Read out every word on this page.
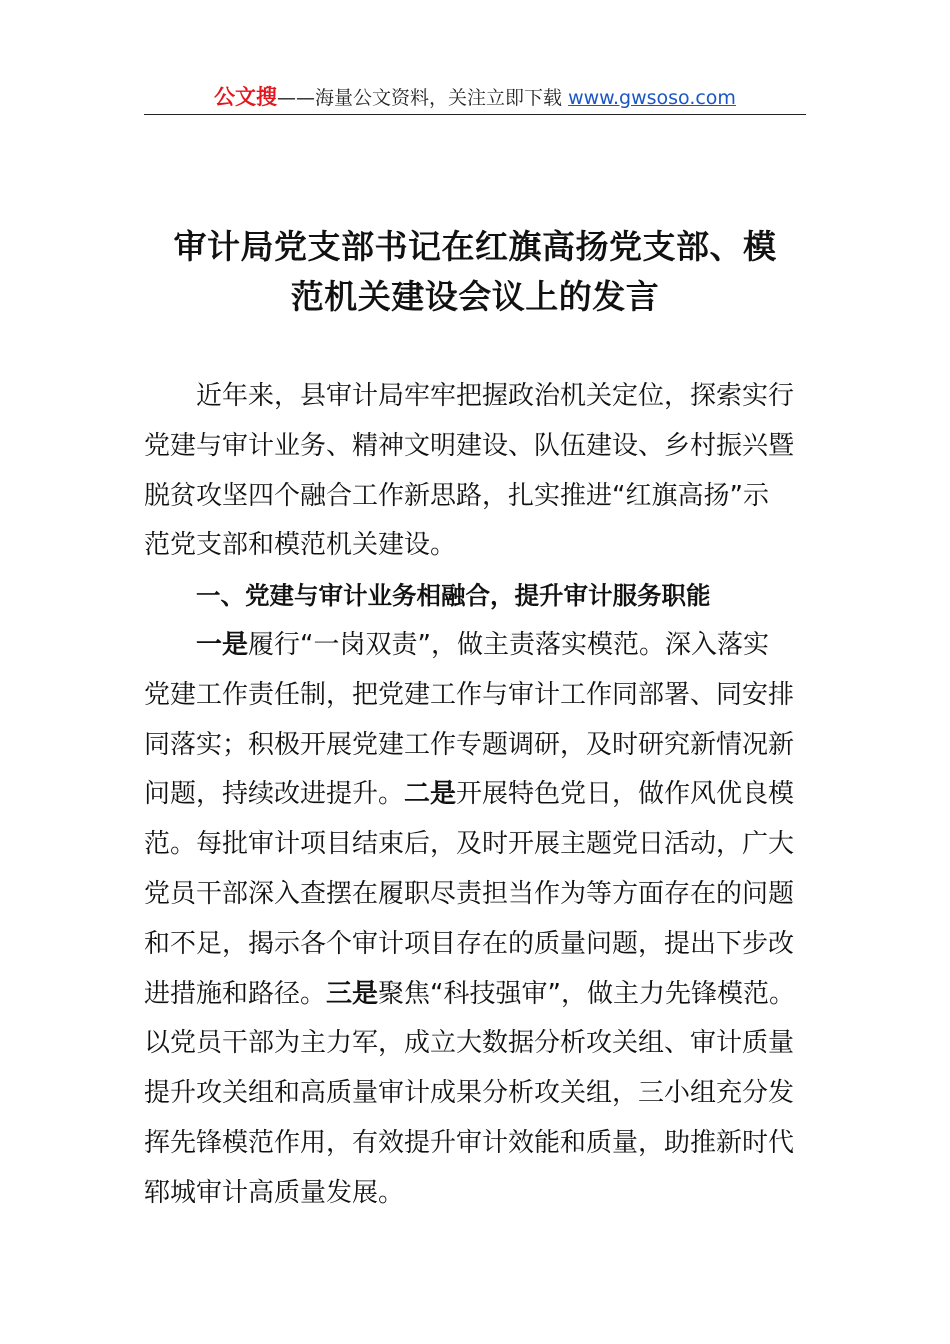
公文搜——海量公文资料，关注立即下载 www.gwsoso.com
审计局党支部书记在红旗高扬党支部、模
范机关建设会议上的发言
近年来，县审计局牢牢把握政治机关定位，探索实行
党建与审计业务、精神文明建设、队伍建设、乡村振兴暨
脱贫攻坚四个融合工作新思路，扎实推进“红旗高扬”示
范党支部和模范机关建设。
一、党建与审计业务相融合，提升审计服务职能
一是履行“一岗双责”，做主责落实模范。深入落实
党建工作责任制，把党建工作与审计工作同部署、同安排
同落实；积极开展党建工作专题调研，及时研究新情况新
问题，持续改进提升。二是开展特色党日，做作风优良模
范。每批审计项目结束后，及时开展主题党日活动，广大
党员干部深入查摆在履职尽责担当作为等方面存在的问题
和不足，揭示各个审计项目存在的质量问题，提出下步改
进措施和路径。三是聚焦“科技强审”，做主力先锋模范。
以党员干部为主力军，成立大数据分析攻关组、审计质量
提升攻关组和高质量审计成果分析攻关组，三小组充分发
挥先锋模范作用，有效提升审计效能和质量，助推新时代
郓城审计高质量发展。
